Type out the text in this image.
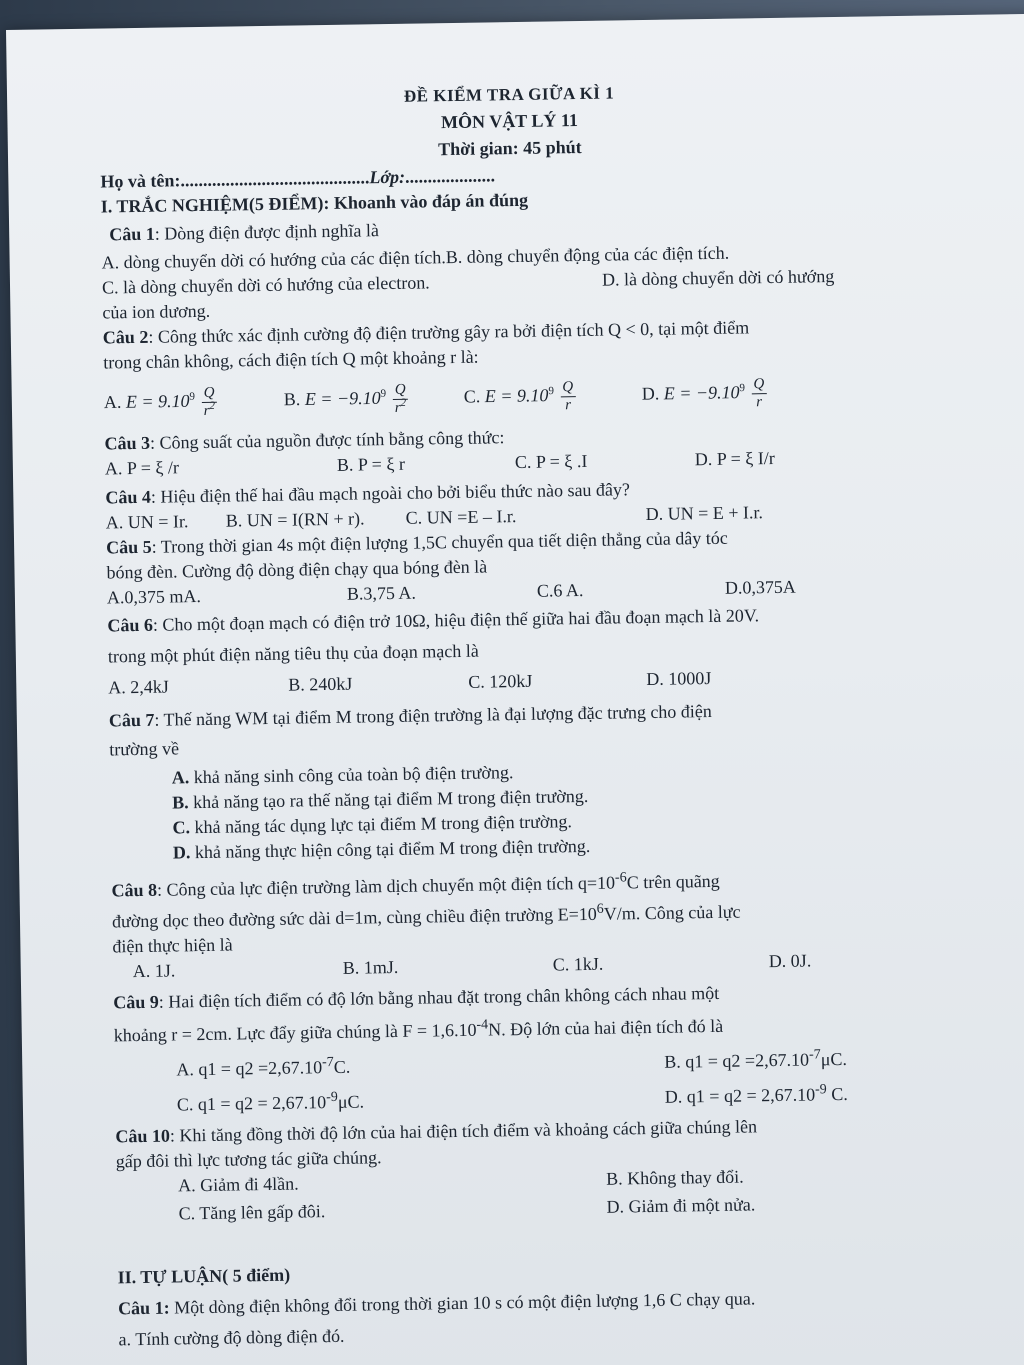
ĐỀ KIỂM TRA GIỮA KÌ 1
MÔN VẬT LÝ 11
Thời gian: 45 phút
Họ và tên: .......................................... Lớp: ....................
I. TRẮC NGHIỆM(5 ĐIỂM): Khoanh vào đáp án đúng
Câu 1: Dòng điện được định nghĩa là
A. dòng chuyển dời có hướng của các điện tích. B. dòng chuyển động của các điện tích.
C. là dòng chuyển dời có hướng của electron.	D. là dòng chuyển dời có hướng
của ion dương.
Câu 2: Công thức xác định cường độ điện trường gây ra bởi điện tích Q < 0, tại một điểm
trong chân không, cách điện tích Q một khoảng r là:
A. $E = 9.10^9 \frac{Q}{r^2}$	B. $E = -9.10^9 \frac{Q}{r^2}$	C. $E = 9.10^9 \frac{Q}{r}$	D. $E = -9.10^9 \frac{Q}{r}$
Câu 3: Công suất của nguồn được tính bằng công thức:
A. P = ξ /r	B. P = ξ r	C. P = ξ .I	D. P = ξ I/r
Câu 4: Hiệu điện thế hai đầu mạch ngoài cho bởi biểu thức nào sau đây?
A. UN = Ir.	B. UN = I(RN + r).	C. UN =E – I.r.	D. UN = E + I.r.
Câu 5: Trong thời gian 4s một điện lượng 1,5C chuyển qua tiết diện thẳng của dây tóc
bóng đèn. Cường độ dòng điện chạy qua bóng đèn là
A.0,375 mA.	B.3,75 A.	C.6 A.	D.0,375A
Câu 6: Cho một đoạn mạch có điện trở 10Ω, hiệu điện thế giữa hai đầu đoạn mạch là 20V.
trong một phút điện năng tiêu thụ của đoạn mạch là
A. 2,4kJ	B. 240kJ	C. 120kJ	D. 1000J
Câu 7: Thế năng WM tại điểm M trong điện trường là đại lượng đặc trưng cho điện
trường về
A. khả năng sinh công của toàn bộ điện trường.
B. khả năng tạo ra thế năng tại điểm M trong điện trường.
C. khả năng tác dụng lực tại điểm M trong điện trường.
D. khả năng thực hiện công tại điểm M trong điện trường.
Câu 8: Công của lực điện trường làm dịch chuyển một điện tích $q=10^{-6}C$ trên quãng
đường dọc theo đường sức dài d=1m, cùng chiều điện trường $E=10^6V/m$. Công của lực
điện thực hiện là
A. 1J.	B. 1mJ.	C. 1kJ.	D. 0J.
Câu 9: Hai điện tích điểm có độ lớn bằng nhau đặt trong chân không cách nhau một
khoảng r = 2cm. Lực đẩy giữa chúng là $F = 1,6.10^{-4}N$. Độ lớn của hai điện tích đó là
A. $q1 = q2 =2,67.10^{-7}C$.	B. $q1 = q2 =2,67.10^{-7}\mu C$.
C. $q1 = q2 = 2,67.10^{-9}\mu C$.	D. $q1 = q2 = 2,67.10^{-9}$ C.
Câu 10: Khi tăng đồng thời độ lớn của hai điện tích điểm và khoảng cách giữa chúng lên
gấp đôi thì lực tương tác giữa chúng.
A. Giảm đi 4lần.	B. Không thay đổi.
C. Tăng lên gấp đôi.	D. Giảm đi một nửa.
II. TỰ LUẬN( 5 điểm)
Câu 1: Một dòng điện không đổi trong thời gian 10 s có một điện lượng 1,6 C chạy qua.
a. Tính cường độ dòng điện đó.
